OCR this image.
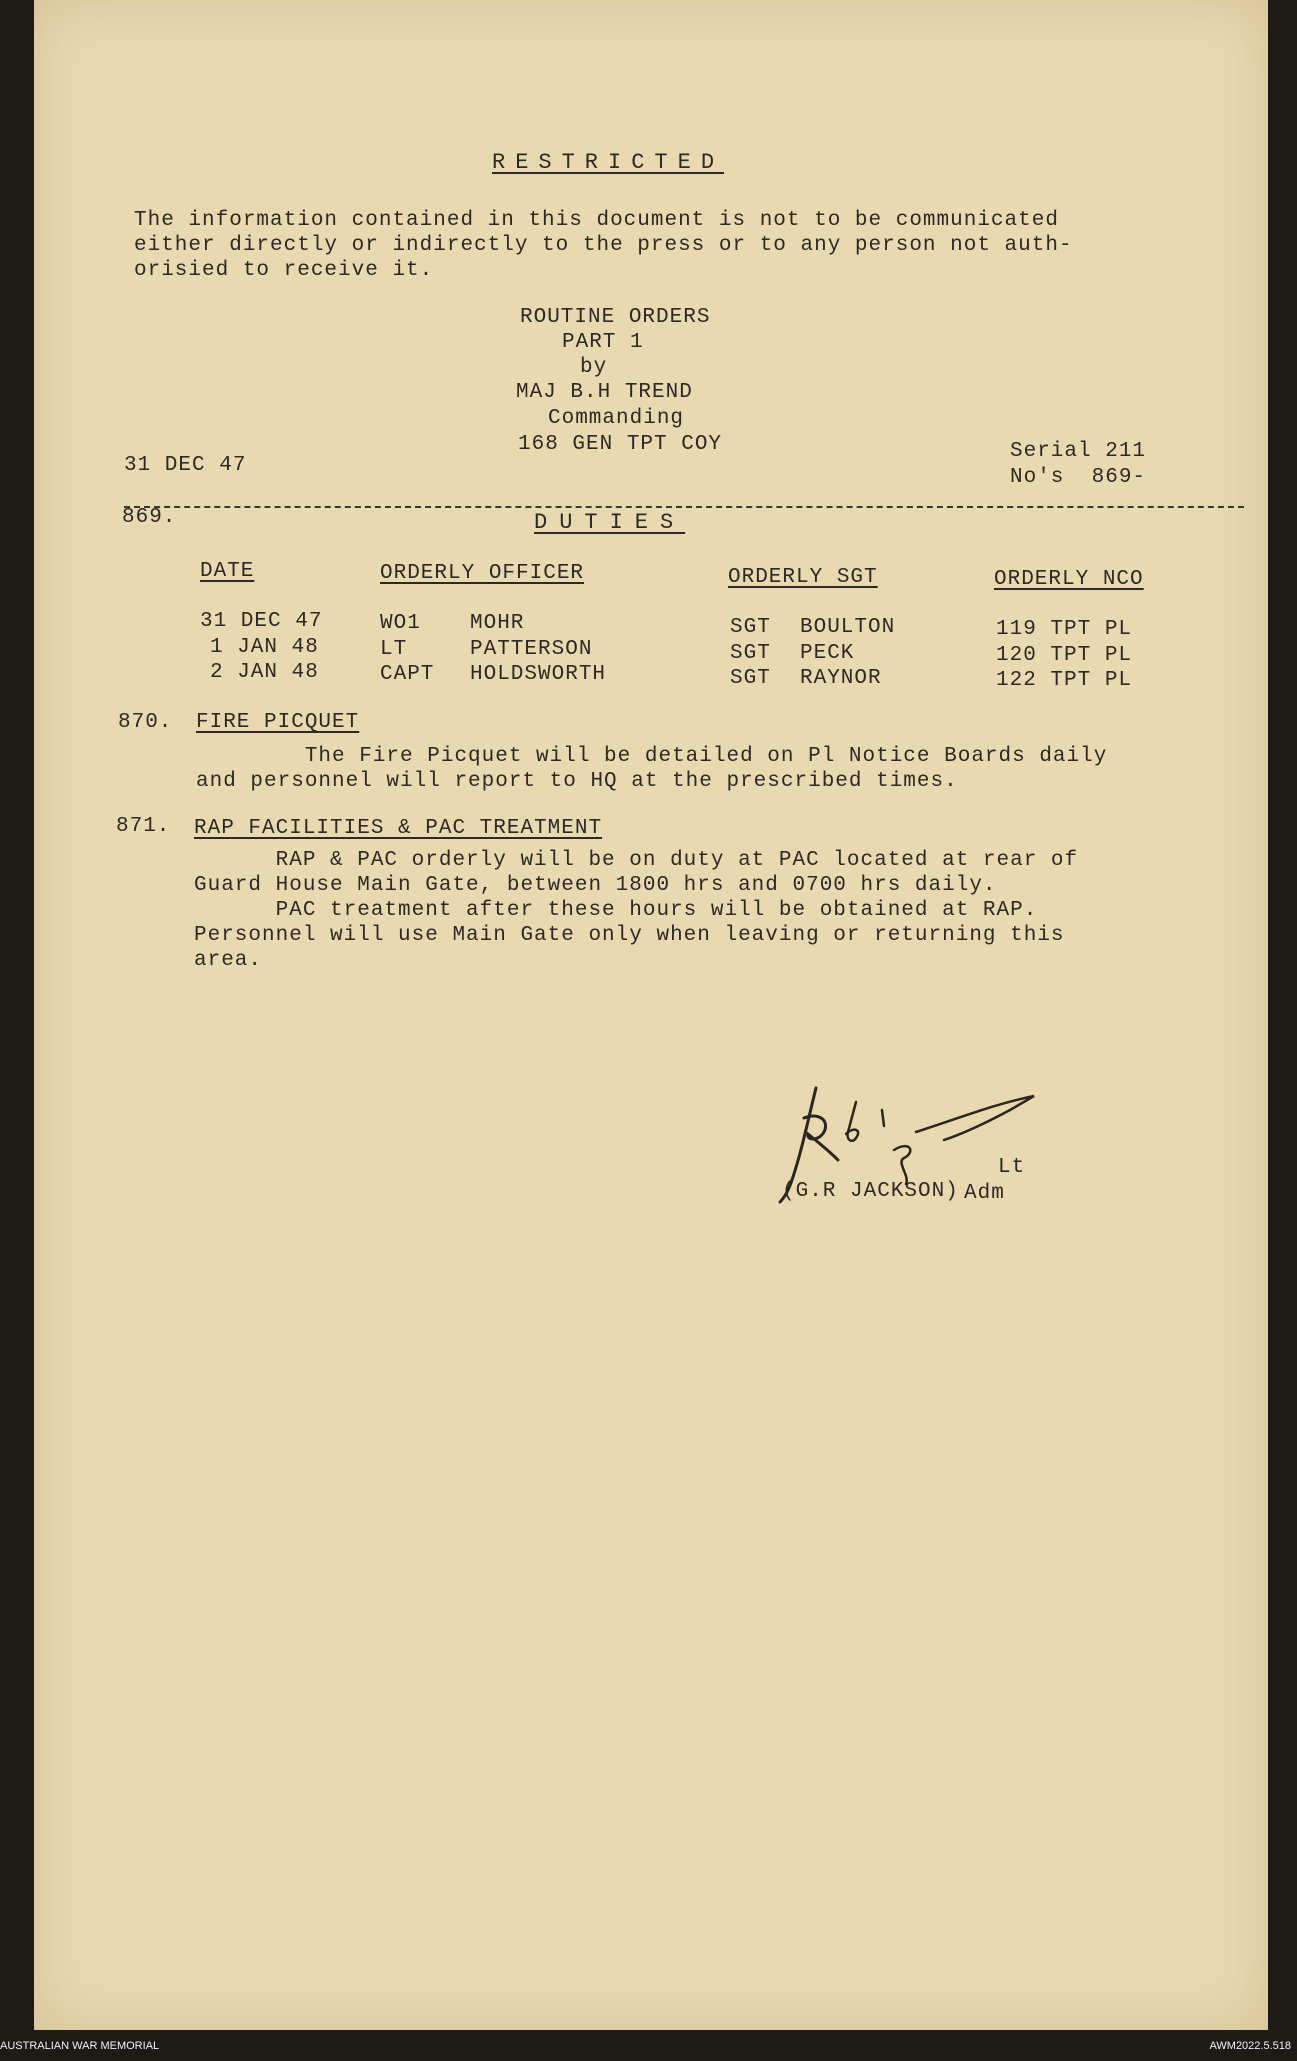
RESTRICTED
The information contained in this document is not to be communicated
either directly or indirectly to the press or to any person not auth-
orisied to receive it.
ROUTINE ORDERS
PART 1
by
MAJ B.H TREND
Commanding
168 GEN TPT COY
31 DEC 47
Serial 211
No's  869-
869.	DUTIES
DATE	ORDERLY OFFICER	ORDERLY SGT	ORDERLY NCO
31 DEC 47	WO1 MOHR	SGT BOULTON	119 TPT PL
1 JAN 48	LT	PATTERSON	SGT PECK	120 TPT PL
2 JAN 48	CAPT HOLDSWORTH	SGT RAYNOR	122 TPT PL
870. FIRE PICQUET
The Fire Picquet will be detailed on Pl Notice Boards daily
and personnel will report to HQ at the prescribed times.
871. RAP FACILITIES & PAC TREATMENT
RAP & PAC orderly will be on duty at PAC located at rear of
Guard House Main Gate, between 1800 hrs and 0700 hrs daily.
PAC treatment after these hours will be obtained at RAP.
Personnel will use Main Gate only when leaving or returning this
area.
Lt
(G.R JACKSON) Adm
AUSTRALIAN WAR MEMORIAL	AWM2022.5.518
